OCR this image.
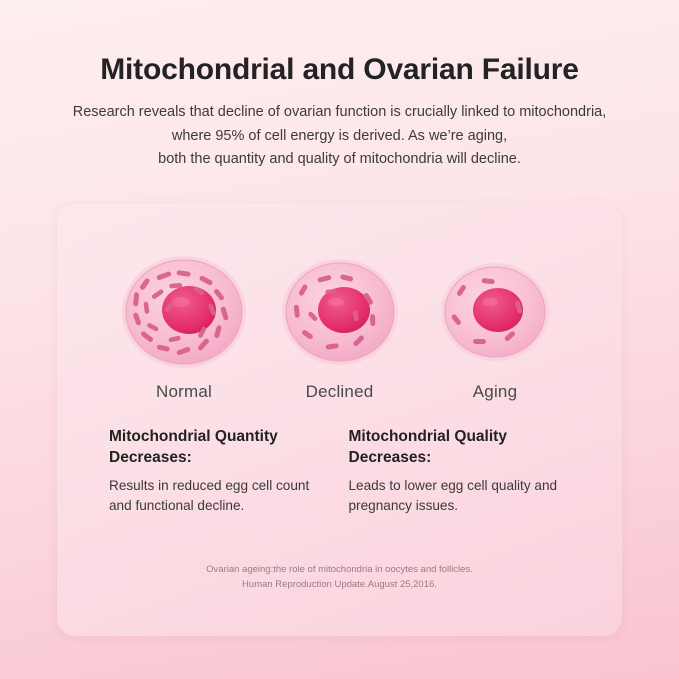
Mitochondrial and Ovarian Failure

Research reveals that decline of ovarian function is crucially linked to mitochondria,
where 95% of cell energy is derived. As we’re aging,
both the quantity and quality of mitochondria will decline.

Normal	Declined	Aging

Mitochondrial Quantity Decreases:

Results in reduced egg cell count and functional decline.

Mitochondrial Quality Decreases:

Leads to lower egg cell quality and pregnancy issues.

Ovarian ageing:the role of mitochondria in oocytes and follicles.
Human Reproduction Update.August 25,2016.
